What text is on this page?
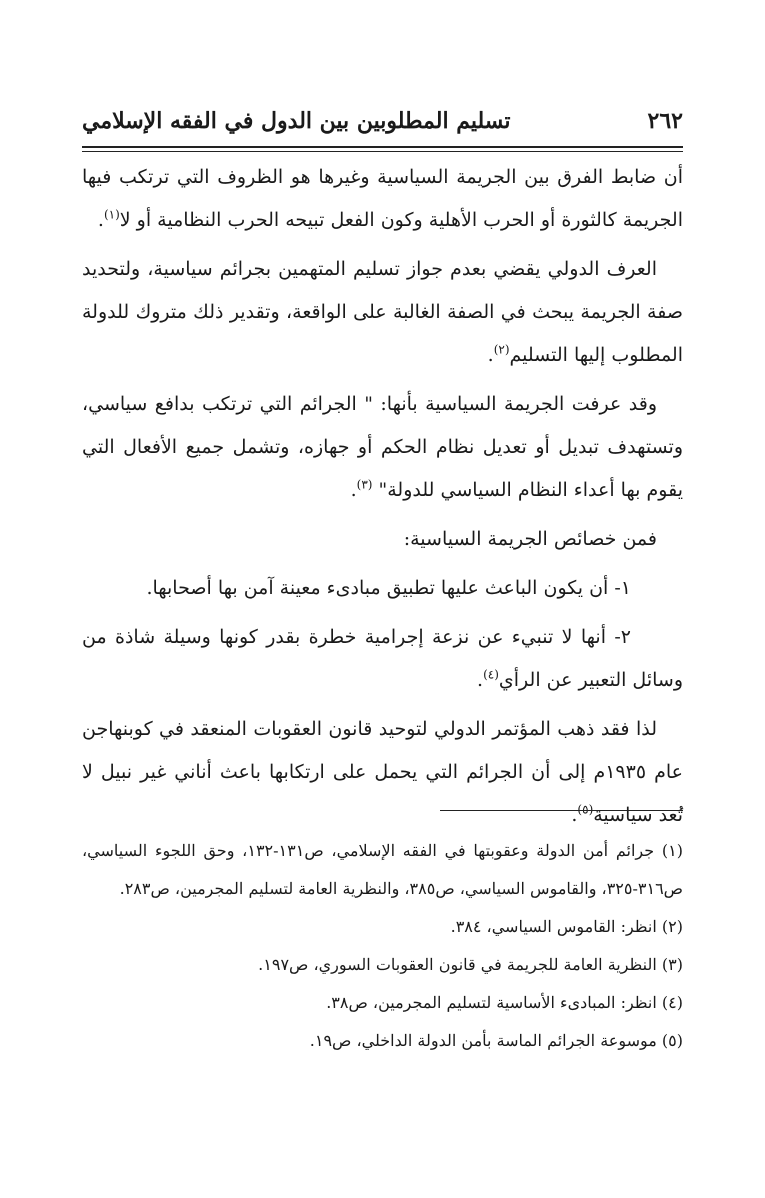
٢٦٢
تسليم المطلوبين بين الدول في الفقه الإسلامي

أن ضابط الفرق بين الجريمة السياسية وغيرها هو الظروف التي ترتكب فيها الجريمة كالثورة أو الحرب الأهلية وكون الفعل تبيحه الحرب النظامية أو لا$^{(١)}$.

العرف الدولي يقضي بعدم جواز تسليم المتهمين بجرائم سياسية، ولتحديد صفة الجريمة يبحث في الصفة الغالبة على الواقعة، وتقدير ذلك متروك للدولة المطلوب إليها التسليم$^{(٢)}$.

وقد عرفت الجريمة السياسية بأنها: " الجرائم التي ترتكب بدافع سياسي، وتستهدف تبديل أو تعديل نظام الحكم أو جهازه، وتشمل جميع الأفعال التي يقوم بها أعداء النظام السياسي للدولة" $^{(٣)}$.

فمن خصائص الجريمة السياسية:

١- أن يكون الباعث عليها تطبيق مبادىء معينة آمن بها أصحابها.

٢- أنها لا تنبيء عن نزعة إجرامية خطرة بقدر كونها وسيلة شاذة من وسائل التعبير عن الرأي$^{(٤)}$.

لذا فقد ذهب المؤتمر الدولي لتوحيد قانون العقوبات المنعقد في كوبنهاجن عام ١٩٣٥م إلى أن الجرائم التي يحمل على ارتكابها باعث أناني غير نبيل لا تُعد سياسية$^{(٥)}$.

(١) جرائم أمن الدولة وعقوبتها في الفقه الإسلامي، ص١٣١-١٣٢، وحق اللجوء السياسي، ص٣١٦-٣٢٥، والقاموس السياسي، ص٣٨٥، والنظرية العامة لتسليم المجرمين، ص٢٨٣.

(٢) انظر: القاموس السياسي، ٣٨٤.

(٣) النظرية العامة للجريمة في قانون العقوبات السوري، ص١٩٧.

(٤) انظر: المبادىء الأساسية لتسليم المجرمين، ص٣٨.

(٥) موسوعة الجرائم الماسة بأمن الدولة الداخلي، ص١٩.
